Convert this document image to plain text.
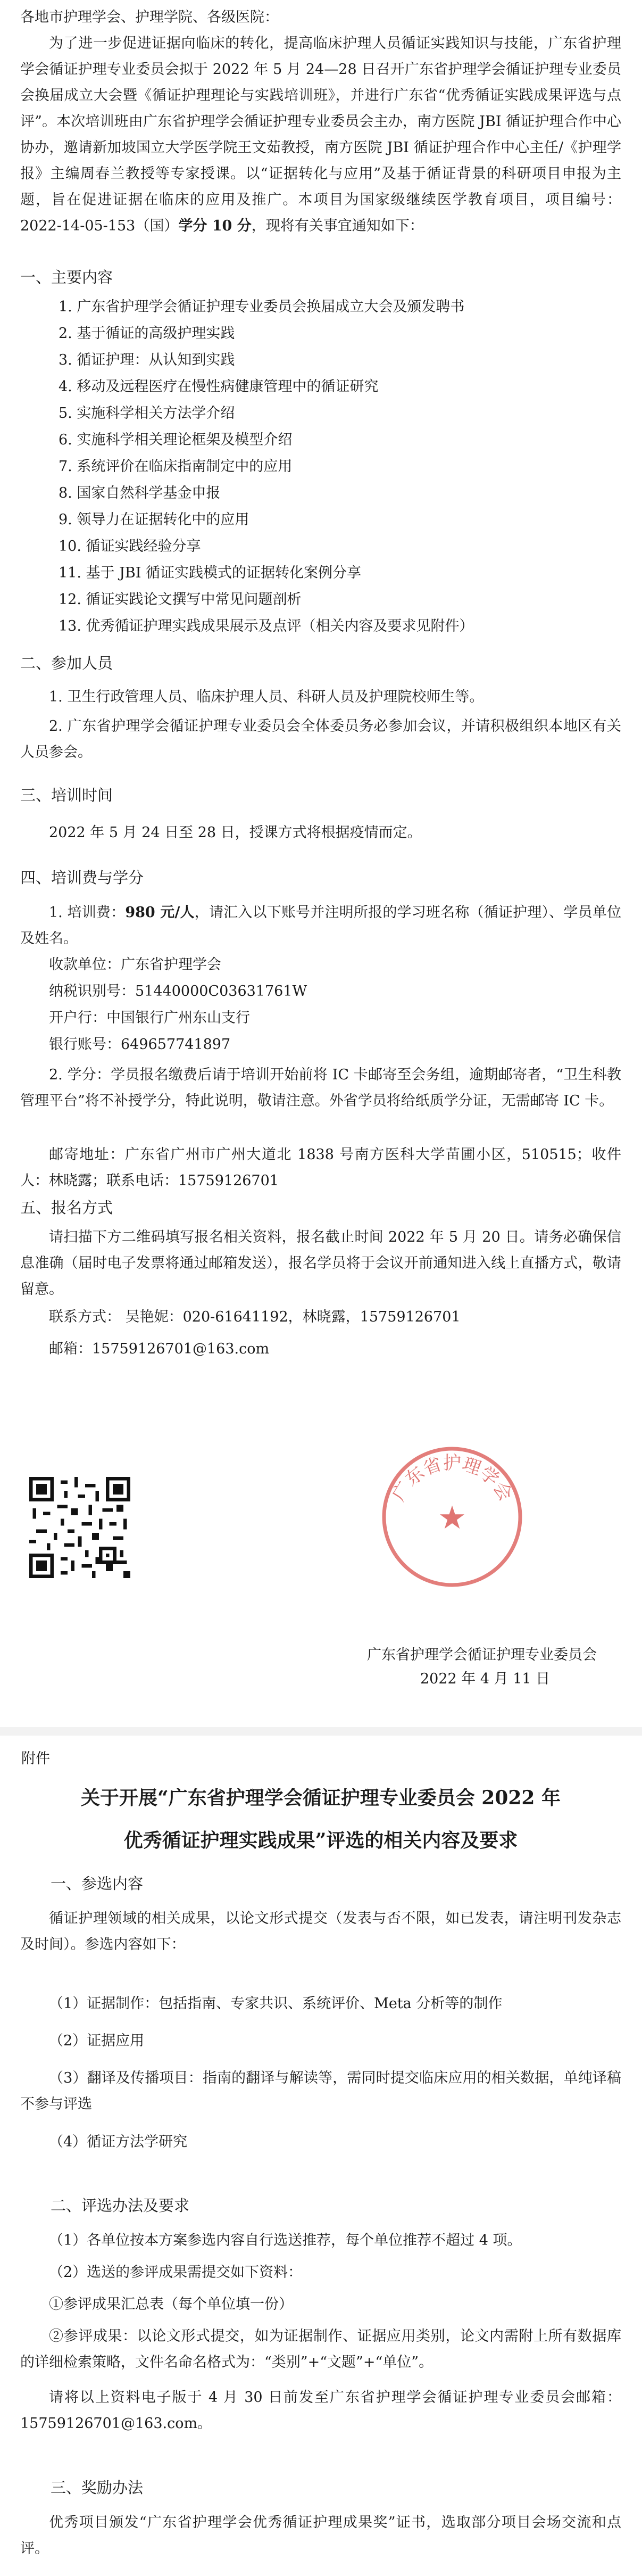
各地市护理学会、护理学院、各级医院：

为了进一步促进证据向临床的转化，提高临床护理人员循证实践知识与技能，广东省护理学会循证护理专业委员会拟于 2022 年 5 月 24—28 日召开广东省护理学会循证护理专业委员会换届成立大会暨《循证护理理论与实践培训班》，并进行广东省“优秀循证实践成果评选与点评”。本次培训班由广东省护理学会循证护理专业委员会主办，南方医院 JBI 循证护理合作中心协办，邀请新加坡国立大学医学院王文茹教授，南方医院 JBI 循证护理合作中心主任/《护理学报》主编周春兰教授等专家授课。以“证据转化与应用”及基于循证背景的科研项目申报为主题，旨在促进证据在临床的应用及推广。本项目为国家级继续医学教育项目，项目编号：2022-14-05-153（国）学分 10 分，现将有关事宜通知如下：

一、主要内容

1. 广东省护理学会循证护理专业委员会换届成立大会及颁发聘书
2. 基于循证的高级护理实践
3. 循证护理：从认知到实践
4. 移动及远程医疗在慢性病健康管理中的循证研究
5. 实施科学相关方法学介绍
6. 实施科学相关理论框架及模型介绍
7. 系统评价在临床指南制定中的应用
8. 国家自然科学基金申报
9. 领导力在证据转化中的应用
10. 循证实践经验分享
11. 基于 JBI 循证实践模式的证据转化案例分享
12. 循证实践论文撰写中常见问题剖析
13. 优秀循证护理实践成果展示及点评（相关内容及要求见附件）

二、参加人员

1. 卫生行政管理人员、临床护理人员、科研人员及护理院校师生等。

2. 广东省护理学会循证护理专业委员会全体委员务必参加会议，并请积极组织本地区有关人员参会。

三、培训时间

2022 年 5 月 24 日至 28 日，授课方式将根据疫情而定。

四、培训费与学分

1. 培训费：980 元/人，请汇入以下账号并注明所报的学习班名称（循证护理）、学员单位及姓名。

收款单位：广东省护理学会

纳税识别号：51440000C03631761W

开户行：中国银行广州东山支行

银行账号：649657741897

2. 学分：学员报名缴费后请于培训开始前将 IC 卡邮寄至会务组，逾期邮寄者，“卫生科教管理平台”将不补授学分，特此说明，敬请注意。外省学员将给纸质学分证，无需邮寄 IC 卡。

邮寄地址：广东省广州市广州大道北 1838 号南方医科大学苗圃小区，510515；收件人：林晓露；联系电话：15759126701

五、报名方式

请扫描下方二维码填写报名相关资料，报名截止时间 2022 年 5 月 20 日。请务必确保信息准确（届时电子发票将通过邮箱发送），报名学员将于会议开前通知进入线上直播方式，敬请留意。

联系方式： 吴艳妮：020-61641192，林晓露，15759126701

邮箱：15759126701@163.com

广东省护理学会
★

广东省护理学会循证护理专业委员会

2022 年 4 月 11 日

附件

关于开展“广东省护理学会循证护理专业委员会 2022 年

优秀循证护理实践成果”评选的相关内容及要求

一、参选内容

循证护理领域的相关成果，以论文形式提交（发表与否不限，如已发表，请注明刊发杂志及时间）。参选内容如下：

（1）证据制作：包括指南、专家共识、系统评价、Meta 分析等的制作

（2）证据应用

（3）翻译及传播项目：指南的翻译与解读等，需同时提交临床应用的相关数据，单纯译稿不参与评选

（4）循证方法学研究

二、评选办法及要求

（1）各单位按本方案参选内容自行选送推荐，每个单位推荐不超过 4 项。

（2）选送的参评成果需提交如下资料：

①参评成果汇总表（每个单位填一份）

②参评成果：以论文形式提交，如为证据制作、证据应用类别，论文内需附上所有数据库的详细检索策略，文件名命名格式为：“类别”+“文题”+“单位”。

请将以上资料电子版于 4 月 30 日前发至广东省护理学会循证护理专业委员会邮箱：15759126701@163.com。

三、奖励办法

优秀项目颁发“广东省护理学会优秀循证护理成果奖”证书，选取部分项目会场交流和点评。
